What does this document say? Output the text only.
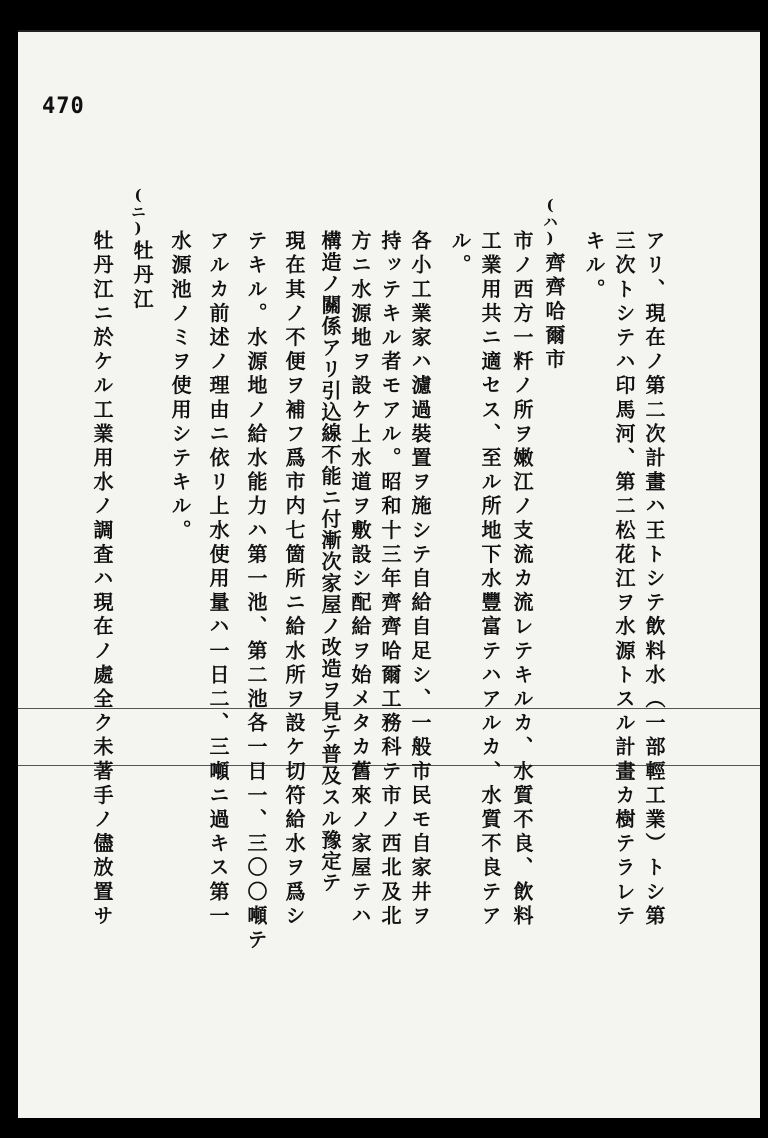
470
(ハ)
(ニ)
アリ、現在ノ第二次計畫ハ王トシテ飲料水（一部輕工業）トシ第
三次トシテハ印馬河、第二松花江ヲ水源トスル計畫カ樹テラレテ
キル。
齊齊哈爾市
市ノ西方一粁ノ所ヲ嫩江ノ支流カ流レテキルカ、水質不良、飲料
工業用共ニ適セス、至ル所地下水豐富テハアルカ、水質不良テア
ル。
各小工業家ハ濾過裝置ヲ施シテ自給自足シ、一般市民モ自家井ヲ
持ッテキル者モアル。昭和十三年齊齊哈爾工務科テ市ノ西北及北
方ニ水源地ヲ設ケ上水道ヲ敷設シ配給ヲ始メタカ舊來ノ家屋テハ
構造ノ關係アリ引込線不能ニ付漸次家屋ノ改造ヲ見テ普及スル豫定テ
テキル。水源地ノ給水能力ハ第一池、第二池各一日一、三〇〇噸テ 現在其ノ不便ヲ補フ爲市内七箇所ニ給水所ヲ設ケ切符給水ヲ爲シ
アルカ前述ノ理由ニ依リ上水使用量ハ一日二、三噸ニ過キス第一
水源池ノミヲ使用シテキル。
牡丹江
牡丹江ニ於ケル工業用水ノ調査ハ現在ノ處全ク未著手ノ儘放置サ
